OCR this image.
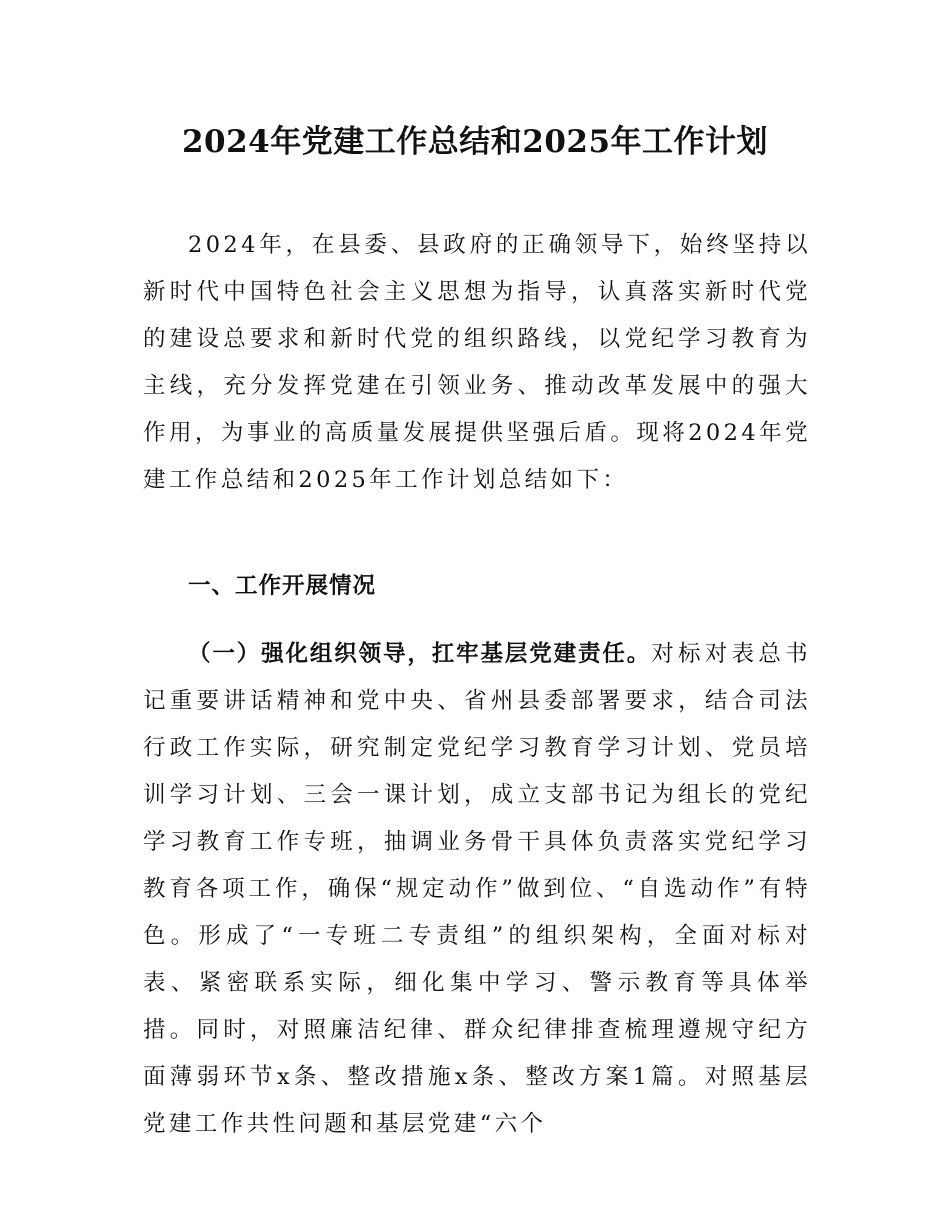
2024年党建工作总结和2025年工作计划

2024年，在县委、县政府的正确领导下，始终坚持以新时代中国特色社会主义思想为指导，认真落实新时代党的建设总要求和新时代党的组织路线，以党纪学习教育为主线，充分发挥党建在引领业务、推动改革发展中的强大作用，为事业的高质量发展提供坚强后盾。现将2024年党建工作总结和2025年工作计划总结如下：

一、工作开展情况

（一）强化组织领导，扛牢基层党建责任。对标对表总书记重要讲话精神和党中央、省州县委部署要求，结合司法行政工作实际，研究制定党纪学习教育学习计划、党员培训学习计划、三会一课计划，成立支部书记为组长的党纪学习教育工作专班，抽调业务骨干具体负责落实党纪学习教育各项工作，确保“规定动作”做到位、“自选动作”有特色。形成了“一专班二专责组”的组织架构，全面对标对表、紧密联系实际，细化集中学习、警示教育等具体举措。同时，对照廉洁纪律、群众纪律排查梳理遵规守纪方面薄弱环节x条、整改措施x条、整改方案1篇。对照基层党建工作共性问题和基层党建“六个
